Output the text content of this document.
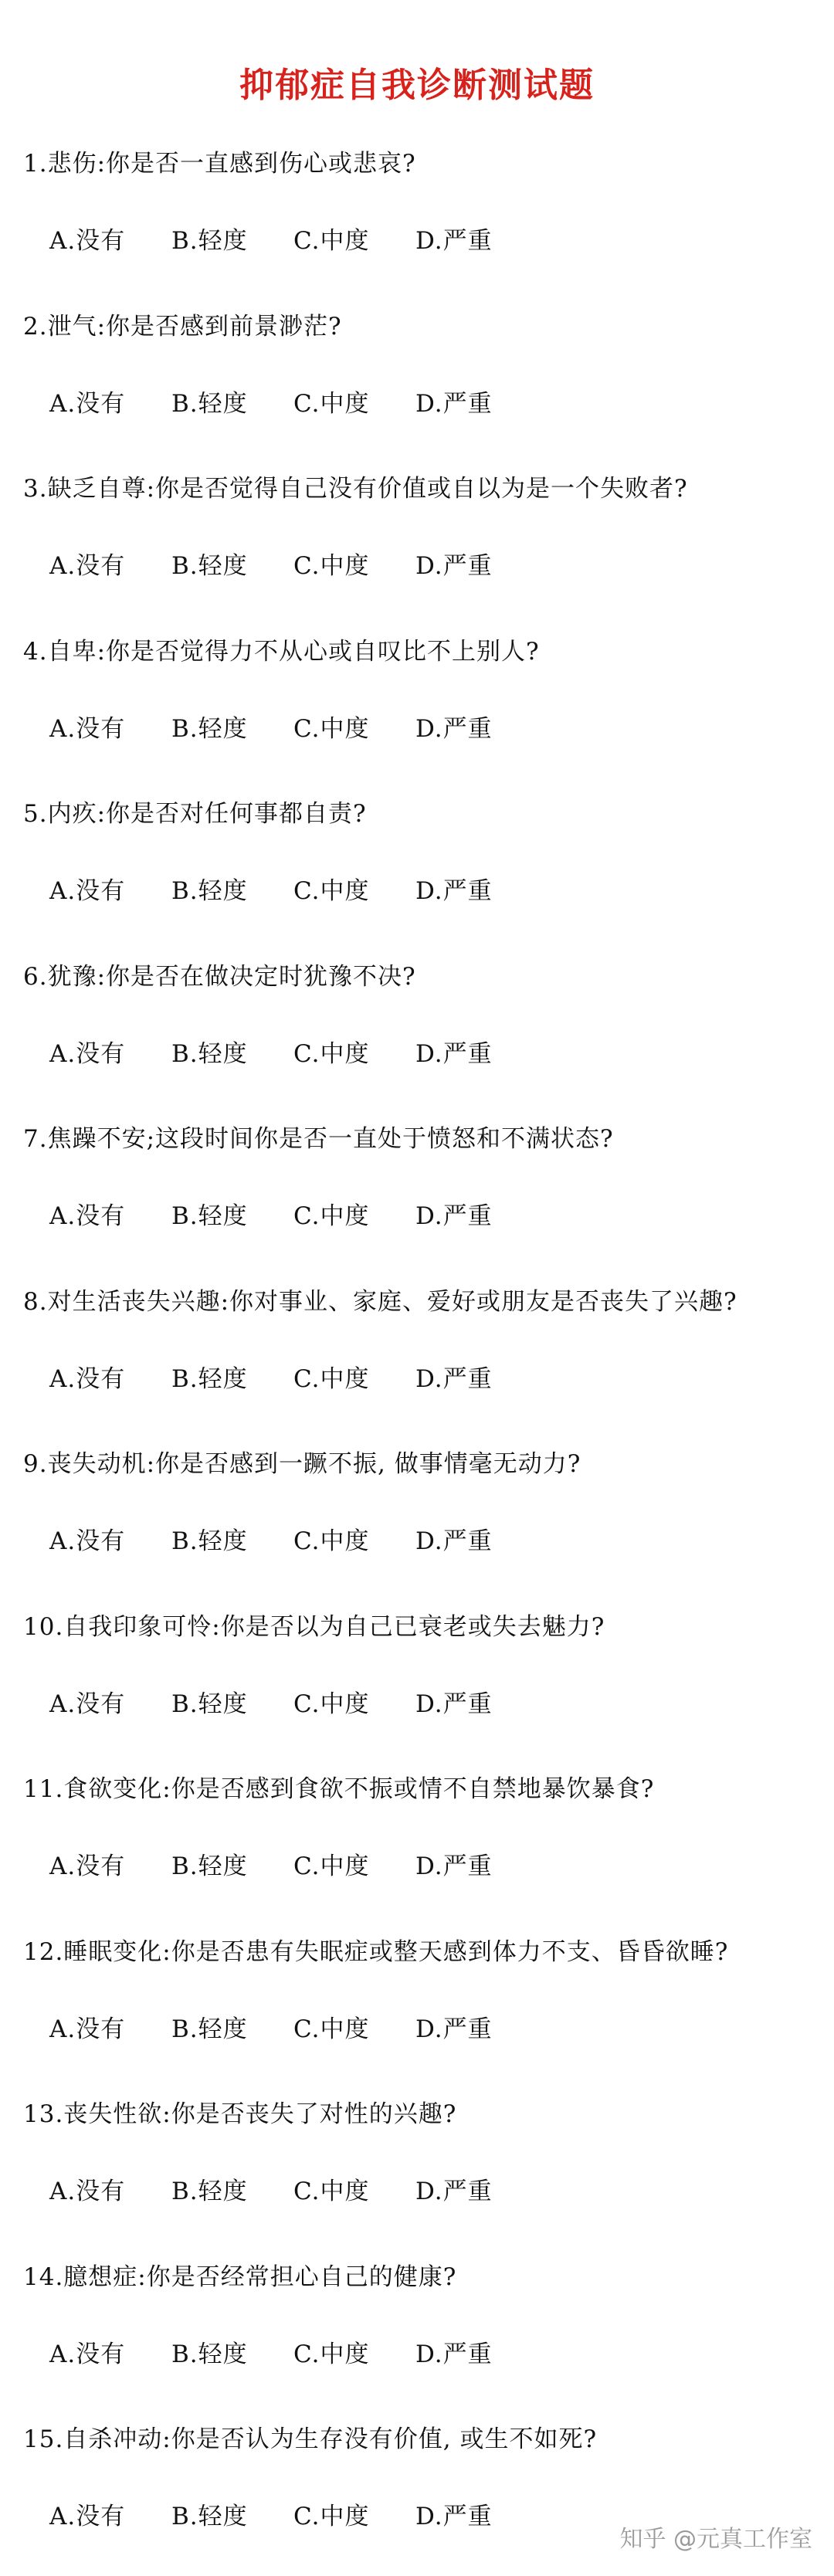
抑郁症自我诊断测试题
1.悲伤:你是否一直感到伤心或悲哀?
A.没有 B.轻度 C.中度 D.严重
2.泄气:你是否感到前景渺茫?
A.没有 B.轻度 C.中度 D.严重
3.缺乏自尊:你是否觉得自己没有价值或自以为是一个失败者?
A.没有 B.轻度 C.中度 D.严重
4.自卑:你是否觉得力不从心或自叹比不上别人?
A.没有 B.轻度 C.中度 D.严重
5.内疚:你是否对任何事都自责?
A.没有 B.轻度 C.中度 D.严重
6.犹豫:你是否在做决定时犹豫不决?
A.没有 B.轻度 C.中度 D.严重
7.焦躁不安;这段时间你是否一直处于愤怒和不满状态?
A.没有 B.轻度 C.中度 D.严重
8.对生活丧失兴趣:你对事业、家庭、爱好或朋友是否丧失了兴趣?
A.没有 B.轻度 C.中度 D.严重
9.丧失动机:你是否感到一蹶不振, 做事情毫无动力?
A.没有 B.轻度 C.中度 D.严重
10.自我印象可怜:你是否以为自己已衰老或失去魅力?
A.没有 B.轻度 C.中度 D.严重
11.食欲变化:你是否感到食欲不振或情不自禁地暴饮暴食?
A.没有 B.轻度 C.中度 D.严重
12.睡眠变化:你是否患有失眠症或整天感到体力不支、昏昏欲睡?
A.没有 B.轻度 C.中度 D.严重
13.丧失性欲:你是否丧失了对性的兴趣?
A.没有 B.轻度 C.中度 D.严重
14.臆想症:你是否经常担心自己的健康?
A.没有 B.轻度 C.中度 D.严重
15.自杀冲动:你是否认为生存没有价值, 或生不如死?
A.没有 B.轻度 C.中度 D.严重
知乎 @元真工作室
